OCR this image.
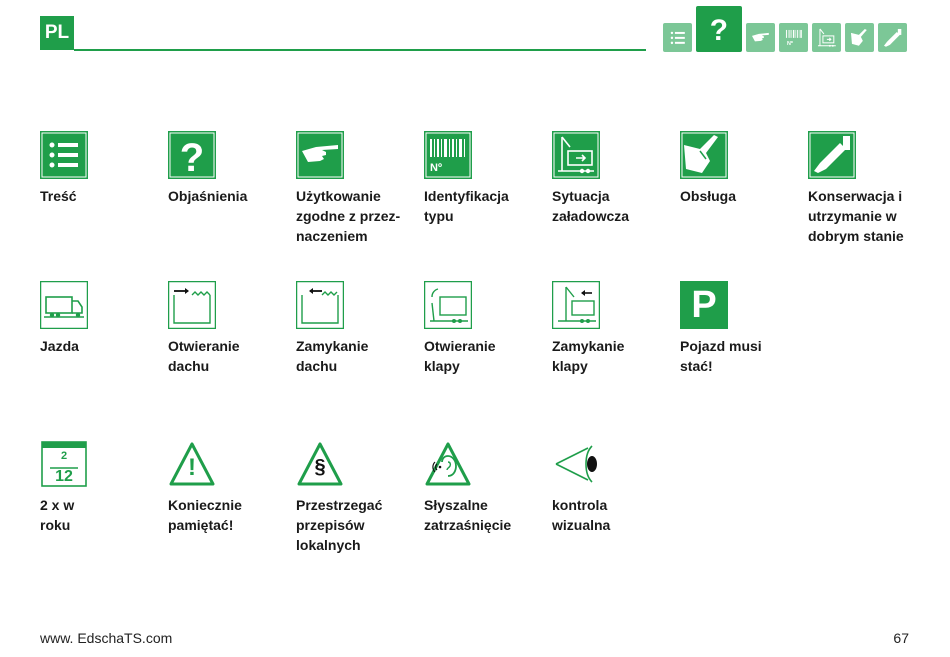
PL	?	Nº
Treść
?
Objaśnienia	Użytkowanie
zgodne z przez-
naczeniem
Nº
Identyfikacja
typu
Sytuacja
załadowcza
Obsługa	Konserwacja i
utrzymanie w
dobrym stanie
Jazda	Otwieranie
dachu
Zamykanie
dachu
Otwieranie
klapy
Zamykanie
klapy
P
Pojazd musi
stać!
2
12
2 x w
roku
!
Koniecznie
pamiętać!
§
Przestrzegać
przepisów
lokalnych
Słyszalne
zatrzaśnięcie
kontrola
wizualna
www. EdschaTS.com	67
